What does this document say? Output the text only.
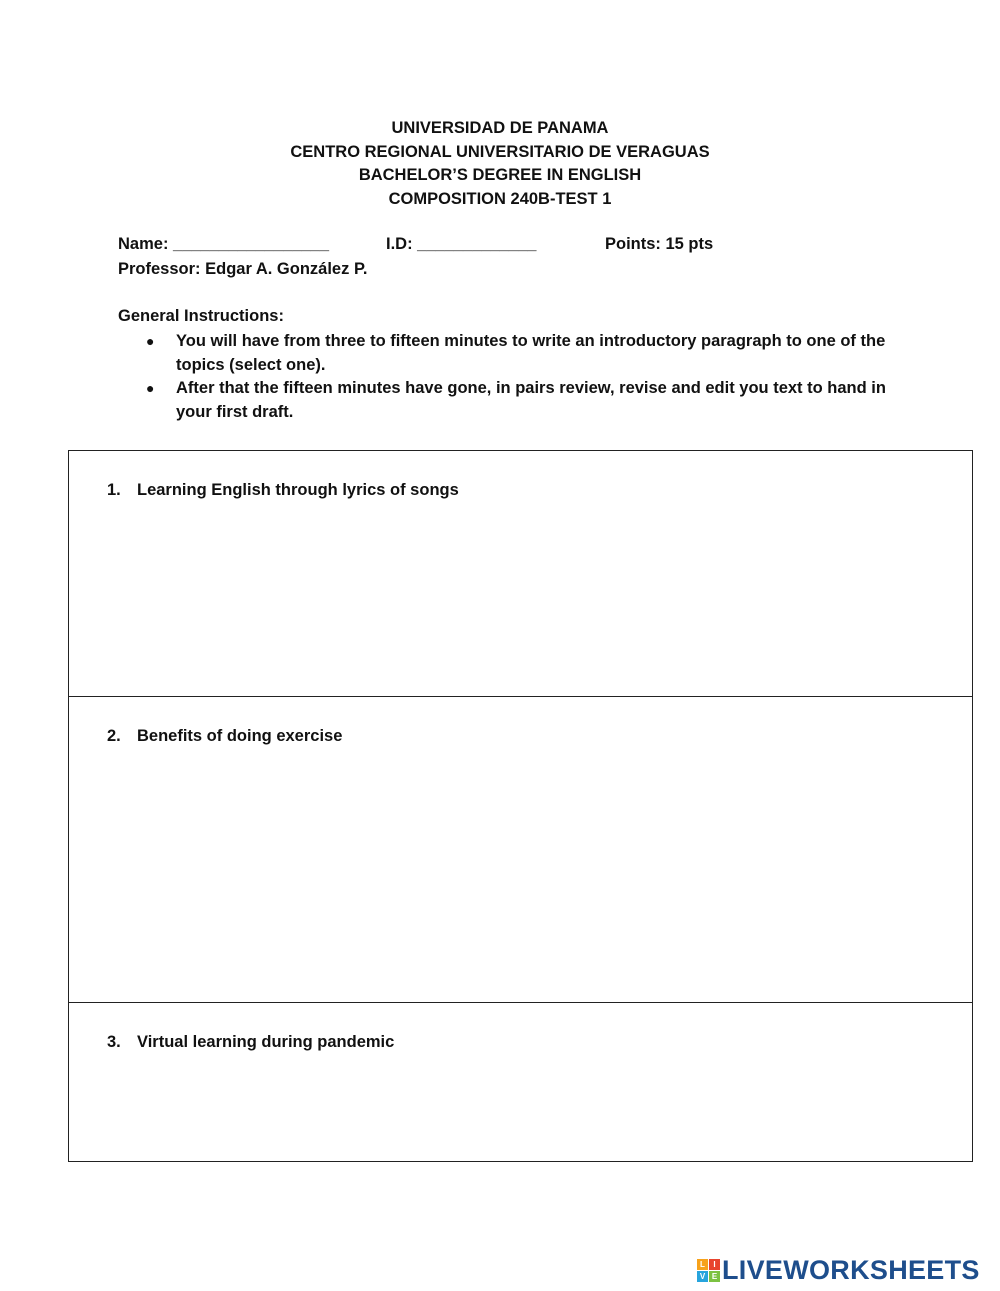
UNIVERSIDAD DE PANAMA
CENTRO REGIONAL UNIVERSITARIO DE VERAGUAS
BACHELOR’S DEGREE IN ENGLISH
COMPOSITION 240B-TEST 1
Name: _________________	I.D: _____________	Points: 15 pts
Professor: Edgar A. González P.
General Instructions:
● You will have from three to fifteen minutes to write an introductory paragraph to one of the topics (select one).
● After that the fifteen minutes have gone, in pairs review, revise and edit you text to hand in your first draft.
1. Learning English through lyrics of songs
2. Benefits of doing exercise
3. Virtual learning during pandemic
L	I
V E LIVEWORKSHEETS
